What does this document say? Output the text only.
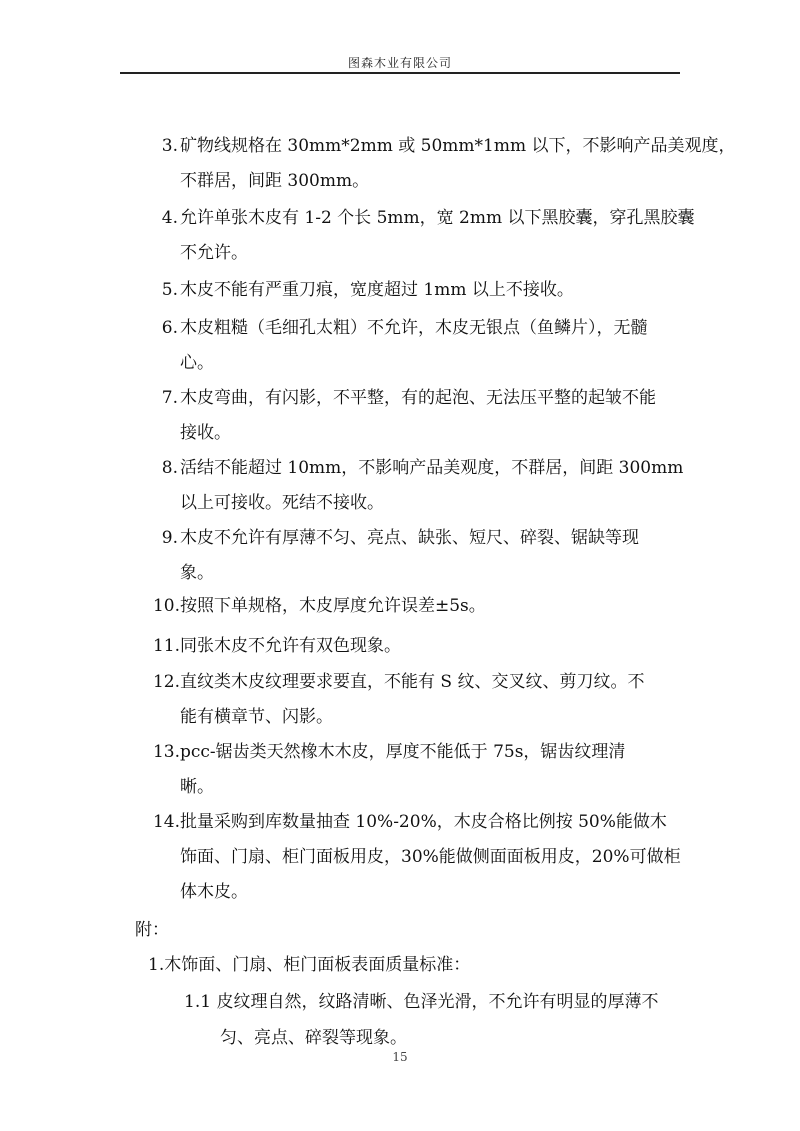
图森木业有限公司
3. 矿物线规格在 30mm*2mm 或 50mm*1mm 以下，不影响产品美观度，
不群居，间距 300mm。
4. 允许单张木皮有 1-2 个长 5mm，宽 2mm 以下黑胶囊，穿孔黑胶囊
不允许。
5. 木皮不能有严重刀痕，宽度超过 1mm 以上不接收。
6. 木皮粗糙（毛细孔太粗）不允许，木皮无银点（鱼鳞片），无髓
心。
7. 木皮弯曲，有闪影，不平整，有的起泡、无法压平整的起皱不能
接收。
8. 活结不能超过 10mm，不影响产品美观度，不群居，间距 300mm
以上可接收。死结不接收。
9. 木皮不允许有厚薄不匀、亮点、缺张、短尺、碎裂、锯缺等现
象。
10. 按照下单规格，木皮厚度允许误差±5s。
11. 同张木皮不允许有双色现象。
12. 直纹类木皮纹理要求要直，不能有 S 纹、交叉纹、剪刀纹。不
能有横章节、闪影。
13. pcc-锯齿类天然橡木木皮，厚度不能低于 75s，锯齿纹理清
晰。
14. 批量采购到库数量抽查 10%-20%，木皮合格比例按 50%能做木
饰面、门扇、柜门面板用皮，30%能做侧面面板用皮，20%可做柜
体木皮。
附：
1.木饰面、门扇、柜门面板表面质量标准：
1.1 皮纹理自然，纹路清晰、色泽光滑，不允许有明显的厚薄不
匀、亮点、碎裂等现象。
15
